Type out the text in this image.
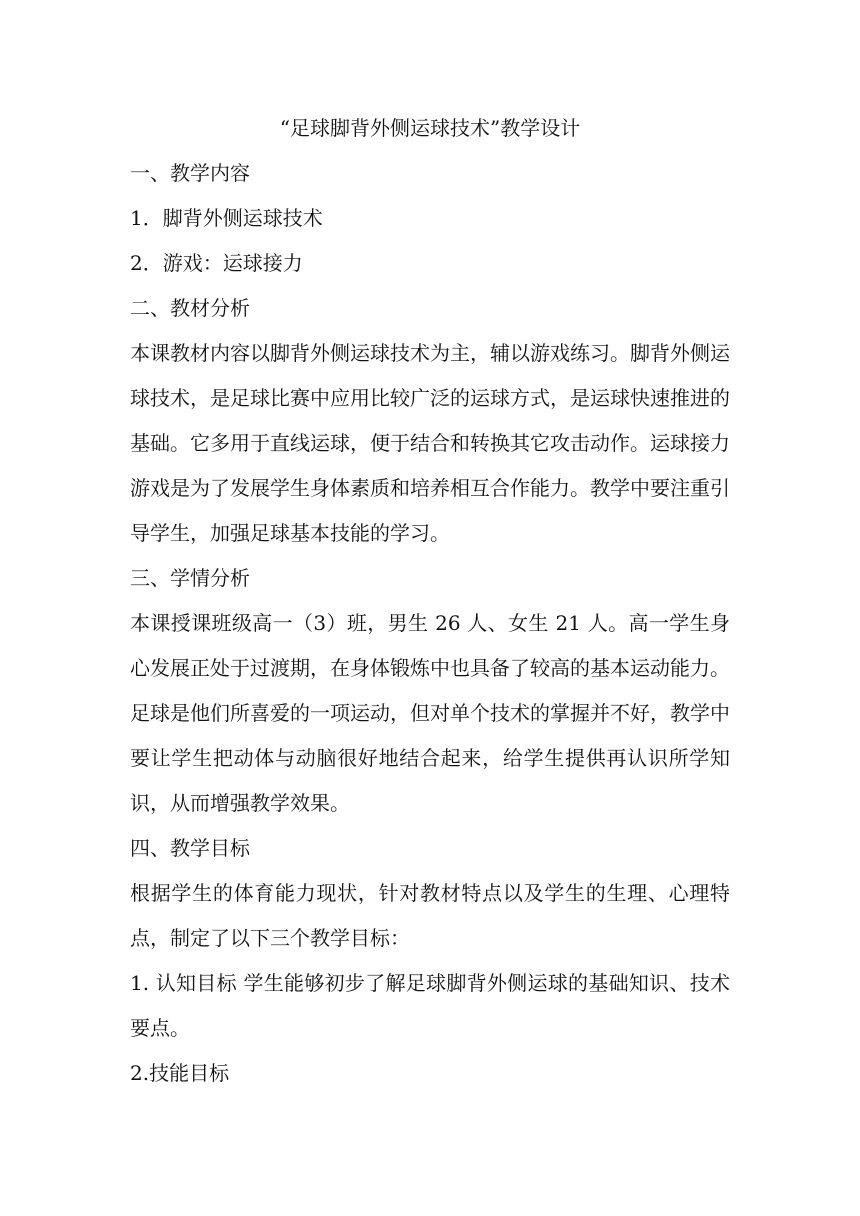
“足球脚背外侧运球技术”教学设计
一、教学内容
1．脚背外侧运球技术
2．游戏：运球接力
二、教材分析

本课教材内容以脚背外侧运球技术为主，辅以游戏练习。脚背外侧运球技术，是足球比赛中应用比较广泛的运球方式，是运球快速推进的基础。它多用于直线运球，便于结合和转换其它攻击动作。运球接力游戏是为了发展学生身体素质和培养相互合作能力。教学中要注重引导学生，加强足球基本技能的学习。

三、学情分析

本课授课班级高一（3）班，男生 26 人、女生 21 人。高一学生身心发展正处于过渡期，在身体锻炼中也具备了较高的基本运动能力。足球是他们所喜爱的一项运动，但对单个技术的掌握并不好，教学中要让学生把动体与动脑很好地结合起来，给学生提供再认识所学知识，从而增强教学效果。

四、教学目标

根据学生的体育能力现状，针对教材特点以及学生的生理、心理特点，制定了以下三个教学目标：

1. 认知目标 学生能够初步了解足球脚背外侧运球的基础知识、技术要点。

2.技能目标
